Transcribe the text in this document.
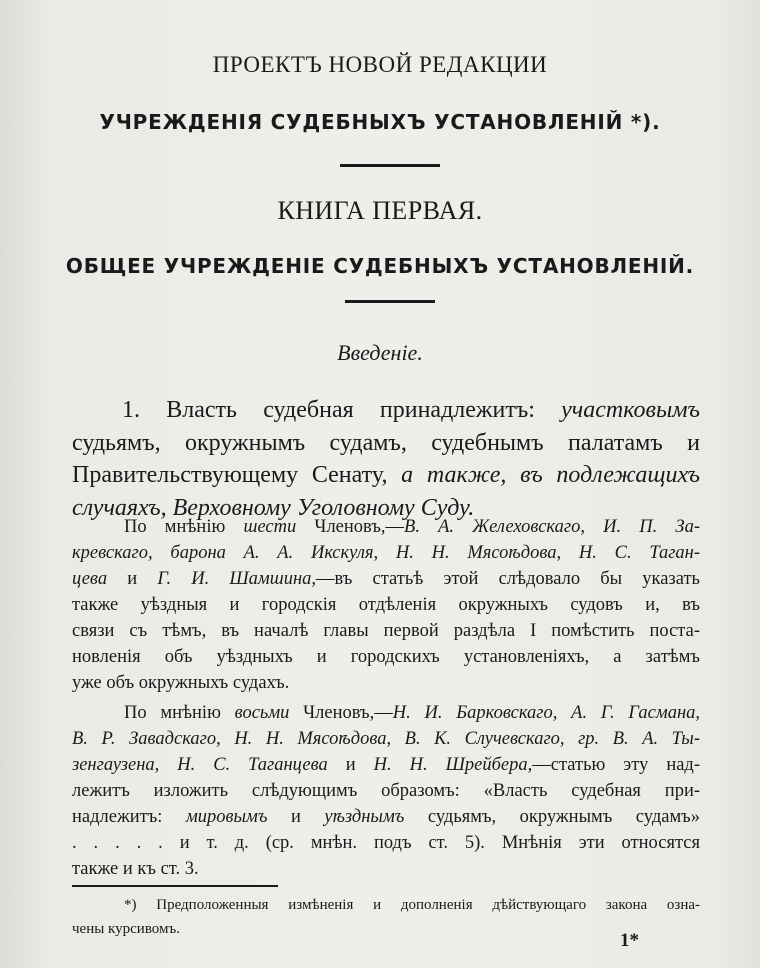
ПРОЕКТЪ НОВОЙ РЕДАКЦИИ
УЧРЕЖДЕНІЯ СУДЕБНЫХЪ УСТАНОВЛЕНІЙ *).
КНИГА ПЕРВАЯ.
ОБЩЕЕ УЧРЕЖДЕНІЕ СУДЕБНЫХЪ УСТАНОВЛЕНІЙ.
Введеніе.
1. Власть судебная принадлежитъ: участковымъ
судьямъ, окружнымъ судамъ, судебнымъ палатамъ и
Правительствующему Сенату, а также, въ подлежащихъ
случаяхъ, Верховному Уголовному Суду.
По мнѣнію шести Членовъ,—В. А. Желеховскаго, И. П. За-
кревскаго, барона А. А. Икскуля, Н. Н. Мясоѣдова, Н. С. Таган-
цева и Г. И. Шамшина,—въ статьѣ этой слѣдовало бы указать
также уѣздныя и городскія отдѣленія окружныхъ судовъ и, въ
связи съ тѣмъ, въ началѣ главы первой раздѣла I помѣстить поста-
новленія объ уѣздныхъ и городскихъ установленіяхъ, а затѣмъ
уже объ окружныхъ судахъ.
По мнѣнію восьми Членовъ,—Н. И. Барковскаго, А. Г. Гасмана,
В. Р. Завадскаго, Н. Н. Мясоѣдова, В. К. Случевскаго, гр. В. А. Ты-
зенгаузена, Н. С. Таганцева и Н. Н. Шрейбера,—статью эту над-
лежитъ изложить слѣдующимъ образомъ: «Власть судебная при-
надлежитъ: мировымъ и уѣзднымъ судьямъ, окружнымъ судамъ»
. . . . . и т. д. (ср. мнѣн. подъ ст. 5). Мнѣнія эти относятся
также и къ ст. 3.
*) Предположенныя измѣненія и дополненія дѣйствующаго закона озна-
чены курсивомъ.
1*
